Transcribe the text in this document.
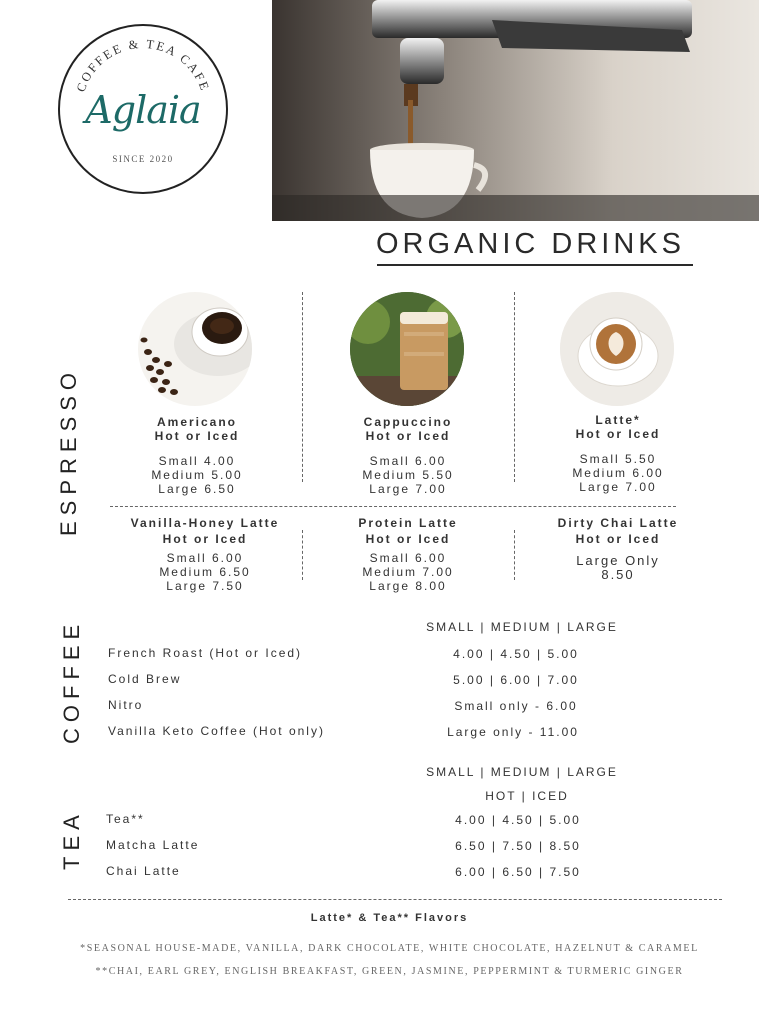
COFFEE & TEA CAFE
Aglaia
SINCE 2020
ORGANIC DRINKS
ESPRESSO	Americano
Hot or Iced
Small 4.00
Medium 5.00
Large 6.50
Cappuccino
Hot or Iced
Small 6.00
Medium 5.50
Large 7.00
Latte*
Hot or Iced
Small 5.50
Medium 6.00
Large 7.00
Vanilla-Honey Latte
Hot or Iced
Small 6.00
Medium 6.50
Large 7.50
Protein Latte
Hot or Iced
Small 6.00
Medium 7.00
Large 8.00
Dirty Chai Latte
Hot or Iced
Large Only
8.50
COFFEE	SMALL | MEDIUM | LARGE
French Roast (Hot or Iced)	4.00 | 4.50 | 5.00
Cold Brew	5.00 | 6.00 | 7.00
Nitro	Small only - 6.00
Vanilla Keto Coffee (Hot only)	Large only - 11.00
TEA
SMALL | MEDIUM | LARGE
HOT | ICED
Tea**	4.00 | 4.50 | 5.00
Matcha Latte	6.50 | 7.50 | 8.50
Chai Latte	6.00 | 6.50 | 7.50
Latte* & Tea** Flavors
*SEASONAL HOUSE-MADE, VANILLA, DARK CHOCOLATE, WHITE CHOCOLATE, HAZELNUT & CARAMEL
**CHAI, EARL GREY, ENGLISH BREAKFAST, GREEN, JASMINE, PEPPERMINT & TURMERIC GINGER
